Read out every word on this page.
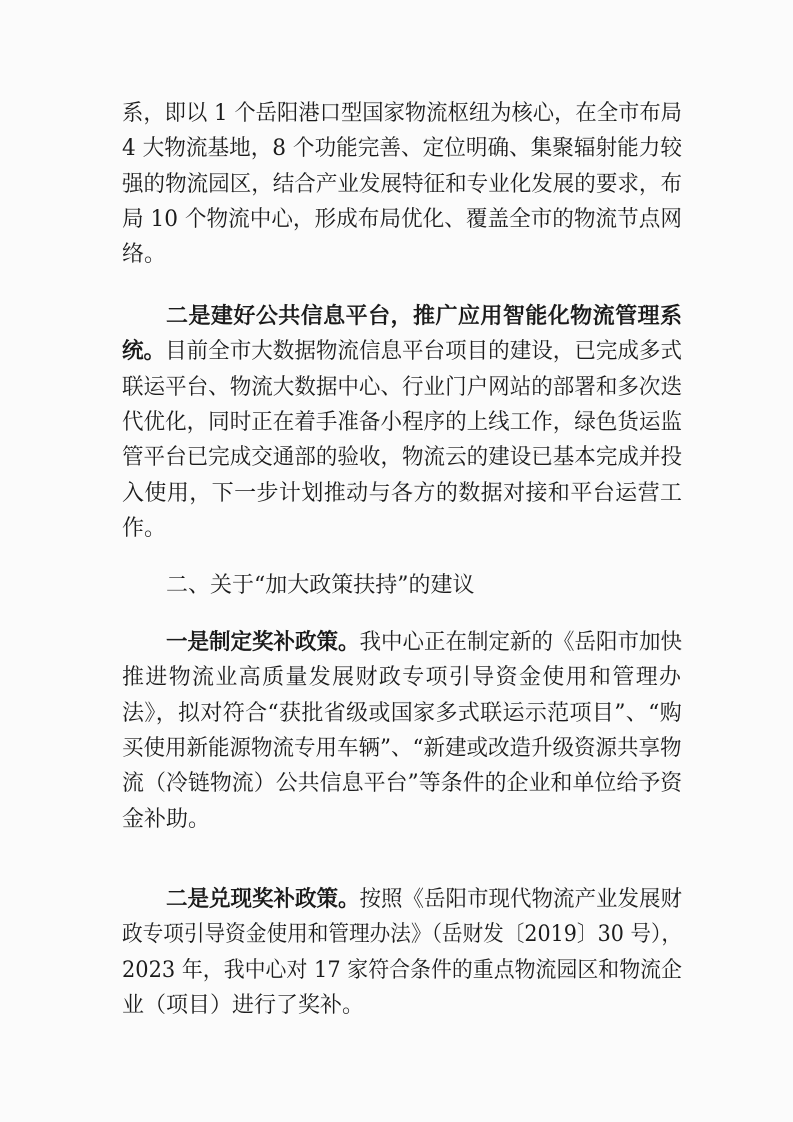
系，即以 1 个岳阳港口型国家物流枢纽为核心，在全市布局
4 大物流基地，8 个功能完善、定位明确、集聚辐射能力较
强的物流园区，结合产业发展特征和专业化发展的要求，布
局 10 个物流中心，形成布局优化、覆盖全市的物流节点网
络。
二是建好公共信息平台，推广应用智能化物流管理系
统。目前全市大数据物流信息平台项目的建设，已完成多式
联运平台、物流大数据中心、行业门户网站的部署和多次迭
代优化，同时正在着手准备小程序的上线工作，绿色货运监
管平台已完成交通部的验收，物流云的建设已基本完成并投
入使用，下一步计划推动与各方的数据对接和平台运营工
作。
二、关于“加大政策扶持”的建议
一是制定奖补政策。我中心正在制定新的《岳阳市加快
推进物流业高质量发展财政专项引导资金使用和管理办
法》，拟对符合“获批省级或国家多式联运示范项目”、“购
买使用新能源物流专用车辆”、“新建或改造升级资源共享物
流（冷链物流）公共信息平台”等条件的企业和单位给予资
金补助。
二是兑现奖补政策。按照《岳阳市现代物流产业发展财
政专项引导资金使用和管理办法》（岳财发〔2019〕30 号），
2023 年，我中心对 17 家符合条件的重点物流园区和物流企
业（项目）进行了奖补。
